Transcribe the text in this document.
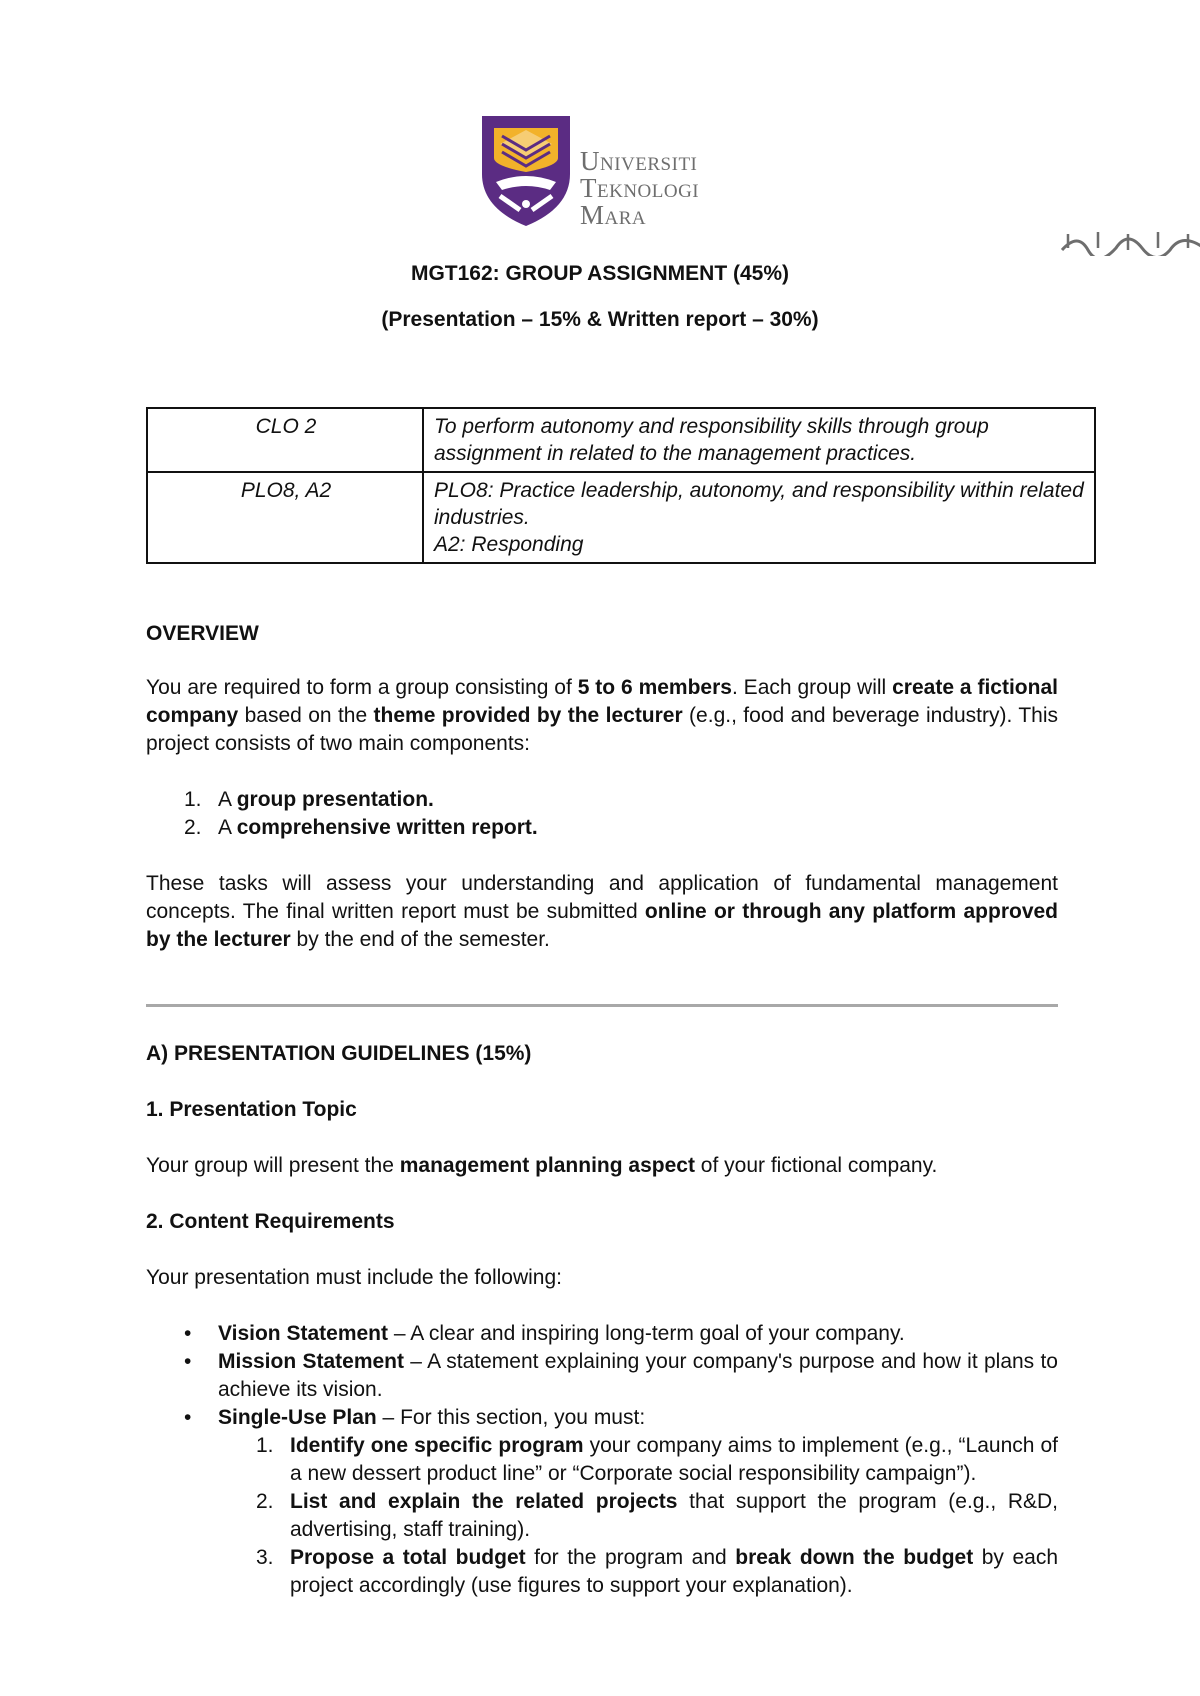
Universiti
Teknologi
Mara
MGT162: GROUP ASSIGNMENT (45%)
(Presentation – 15% & Written report – 30%)
CLO 2	To perform autonomy and responsibility skills through group assignment in related to the management practices.

PLO8, A2	PLO8: Practice leadership, autonomy, and responsibility within related industries.
A2: Responding
OVERVIEW
You are required to form a group consisting of 5 to 6 members. Each group will create a fictional company based on the theme provided by the lecturer (e.g., food and beverage industry). This project consists of two main components:
1. A group presentation.
2. A comprehensive written report.
These tasks will assess your understanding and application of fundamental management concepts. The final written report must be submitted online or through any platform approved by the lecturer by the end of the semester.
A) PRESENTATION GUIDELINES (15%)
1. Presentation Topic
Your group will present the management planning aspect of your fictional company.
2. Content Requirements
Your presentation must include the following:
• Vision Statement – A clear and inspiring long-term goal of your company.
• Mission Statement – A statement explaining your company's purpose and how it plans to achieve its vision.
• Single-Use Plan – For this section, you must:
1. Identify one specific program your company aims to implement (e.g., “Launch of a new dessert product line” or “Corporate social responsibility campaign”).
2. List and explain the related projects that support the program (e.g., R&D, advertising, staff training).
3. Propose a total budget for the program and break down the budget by each project accordingly (use figures to support your explanation).
